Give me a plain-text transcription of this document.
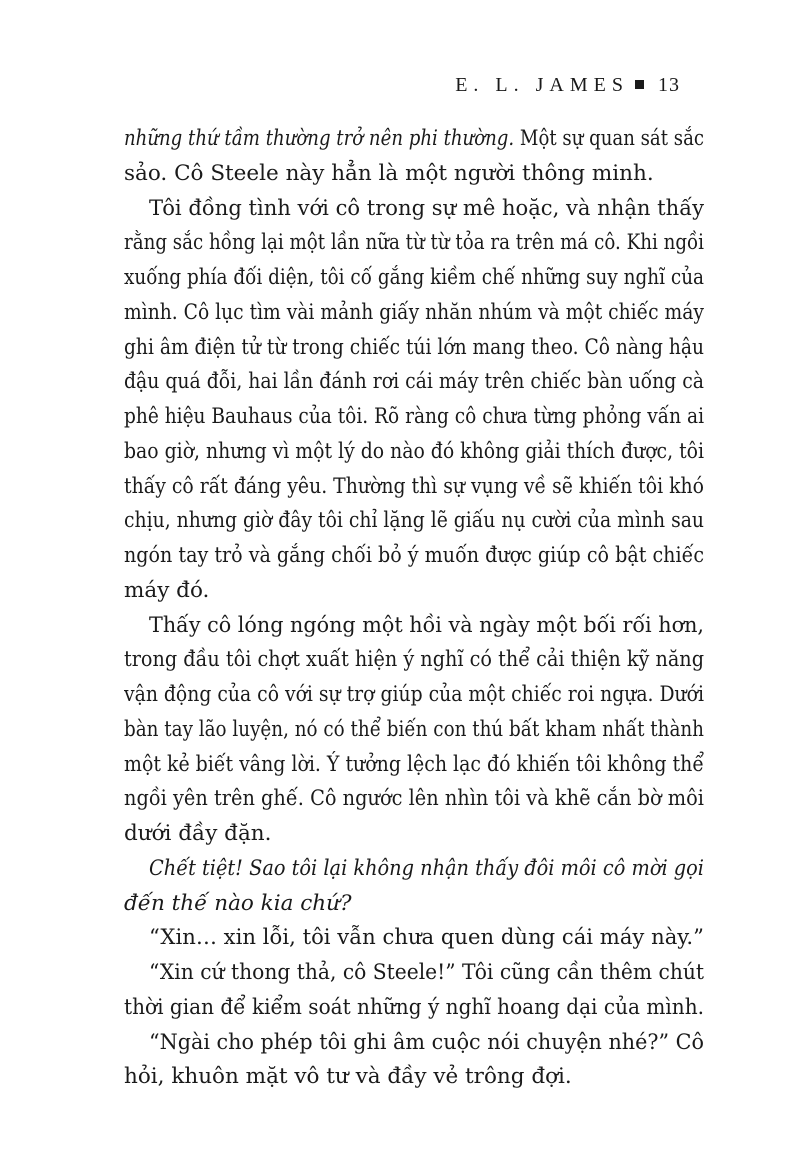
E. L. JAMES 13
những thứ tầm thường trở nên phi thường. Một sự quan sát sắc
sảo. Cô Steele này hẳn là một người thông minh.
Tôi đồng tình với cô trong sự mê hoặc, và nhận thấy
rằng sắc hồng lại một lần nữa từ từ tỏa ra trên má cô. Khi ngồi
xuống phía đối diện, tôi cố gắng kiềm chế những suy nghĩ của
mình. Cô lục tìm vài mảnh giấy nhăn nhúm và một chiếc máy
ghi âm điện tử từ trong chiếc túi lớn mang theo. Cô nàng hậu
đậu quá đỗi, hai lần đánh rơi cái máy trên chiếc bàn uống cà
phê hiệu Bauhaus của tôi. Rõ ràng cô chưa từng phỏng vấn ai
bao giờ, nhưng vì một lý do nào đó không giải thích được, tôi
thấy cô rất đáng yêu. Thường thì sự vụng về sẽ khiến tôi khó
chịu, nhưng giờ đây tôi chỉ lặng lẽ giấu nụ cười của mình sau
ngón tay trỏ và gắng chối bỏ ý muốn được giúp cô bật chiếc
máy đó.
Thấy cô lóng ngóng một hồi và ngày một bối rối hơn,
trong đầu tôi chợt xuất hiện ý nghĩ có thể cải thiện kỹ năng
vận động của cô với sự trợ giúp của một chiếc roi ngựa. Dưới
bàn tay lão luyện, nó có thể biến con thú bất kham nhất thành
một kẻ biết vâng lời. Ý tưởng lệch lạc đó khiến tôi không thể
ngồi yên trên ghế. Cô ngước lên nhìn tôi và khẽ cắn bờ môi
dưới đầy đặn.
Chết tiệt! Sao tôi lại không nhận thấy đôi môi cô mời gọi
đến thế nào kia chứ?
“Xin… xin lỗi, tôi vẫn chưa quen dùng cái máy này.”
“Xin cứ thong thả, cô Steele!” Tôi cũng cần thêm chút
thời gian để kiểm soát những ý nghĩ hoang dại của mình.
“Ngài cho phép tôi ghi âm cuộc nói chuyện nhé?” Cô
hỏi, khuôn mặt vô tư và đầy vẻ trông đợi.
